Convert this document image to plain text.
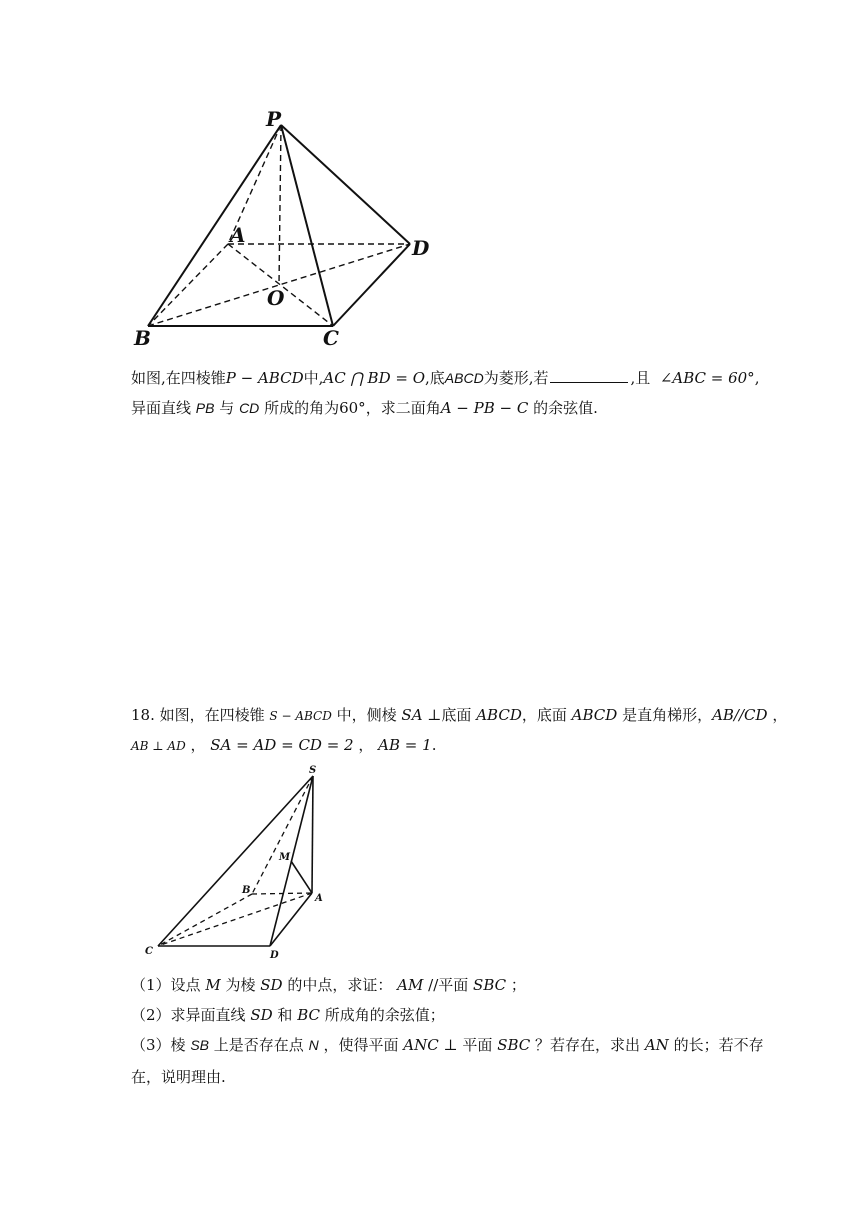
P
A
D
O
B	C
如图,在四棱锥P − ABCD中,AC ⋂ BD = O,底ABCD为菱形,若	,且 ∠ABC = 60°,
异面直线 PB 与 CD 所成的角为60°，求二面角A − PB − C 的余弦值.
18. 如图，在四棱锥 S − ABCD 中，侧棱 SA ⊥底面 ABCD，底面 ABCD 是直角梯形，AB//CD ，
AB ⊥ AD ， SA = AD = CD = 2 ， AB = 1.
S
M
B
A
C	D
（1）设点 M 为棱 SD 的中点，求证： AM //平面 SBC ；
（2）求异面直线 SD 和 BC 所成角的余弦值；
（3）棱 SB 上是否存在点 N ，使得平面 ANC ⊥ 平面 SBC ？若存在，求出 AN 的长；若不存
在，说明理由.
